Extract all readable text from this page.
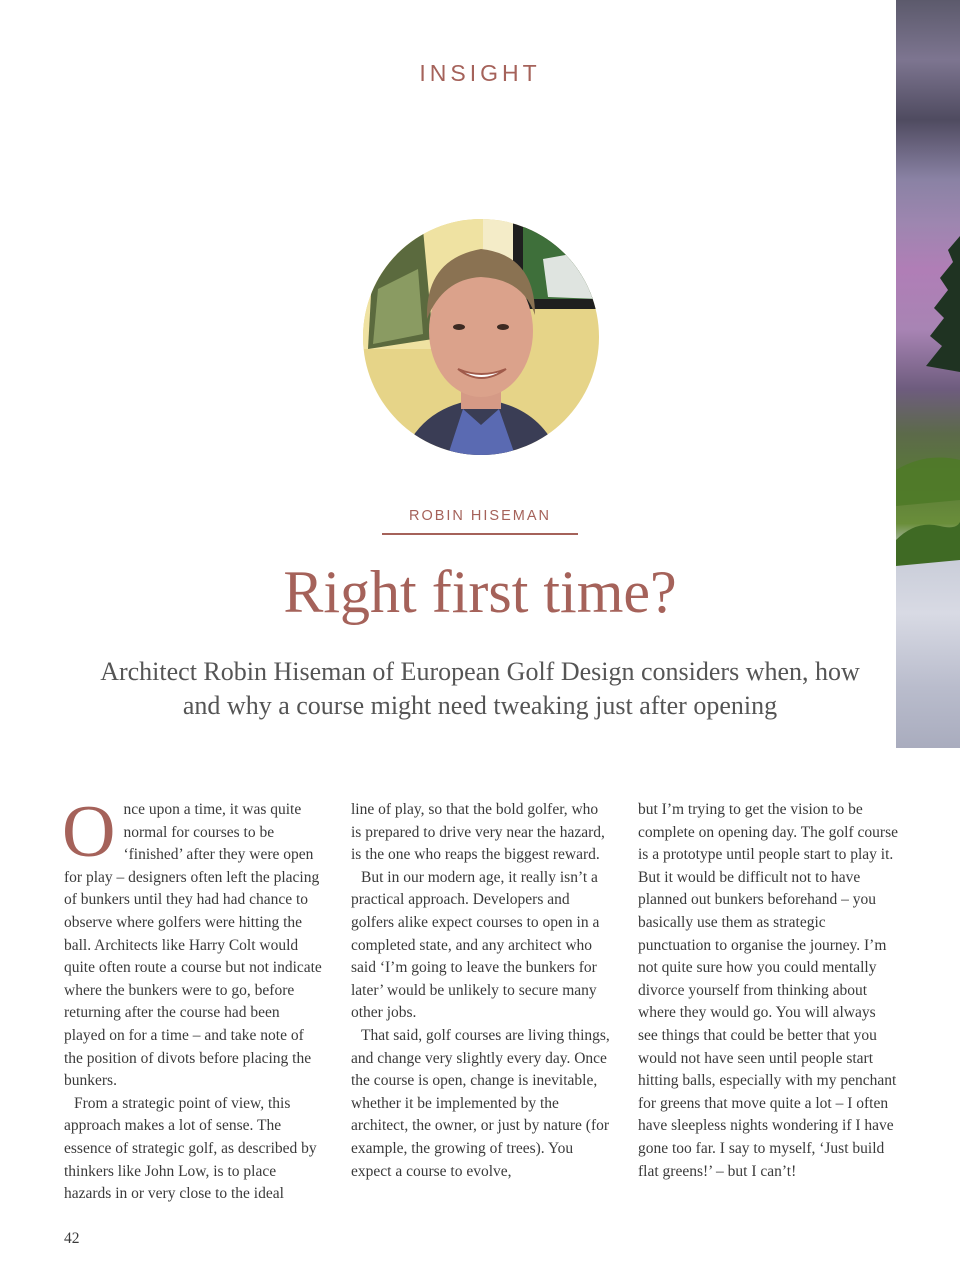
INSIGHT
ROBIN HISEMAN
Right first time?
Architect Robin Hiseman of European Golf Design considers when, how and why a course might need tweaking just after opening

Once upon a time, it was quite normal for courses to be ‘finished’ after they were open for play – designers often left the placing of bunkers until they had had chance to observe where golfers were hitting the ball. Architects like Harry Colt would quite often route a course but not indicate where the bunkers were to go, before returning after the course had been played on for a time – and take note of the position of divots before placing the bunkers.

From a strategic point of view, this approach makes a lot of sense. The essence of strategic golf, as described by thinkers like John Low, is to place hazards in or very close to the ideal

line of play, so that the bold golfer, who is prepared to drive very near the hazard, is the one who reaps the biggest reward.

But in our modern age, it really isn’t a practical approach. Developers and golfers alike expect courses to open in a completed state, and any architect who said ‘I’m going to leave the bunkers for later’ would be unlikely to secure many other jobs.

That said, golf courses are living things, and change very slightly every day. Once the course is open, change is inevitable, whether it be implemented by the architect, the owner, or just by nature (for example, the growing of trees). You expect a course to evolve,

but I’m trying to get the vision to be complete on opening day. The golf course is a prototype until people start to play it. But it would be difficult not to have planned out bunkers beforehand – you basically use them as strategic punctuation to organise the journey. I’m not quite sure how you could mentally divorce yourself from thinking about where they would go. You will always see things that could be better that you would not have seen until people start hitting balls, especially with my penchant for greens that move quite a lot – I often have sleepless nights wondering if I have gone too far. I say to myself, ‘Just build flat greens!’ – but I can’t!

42
